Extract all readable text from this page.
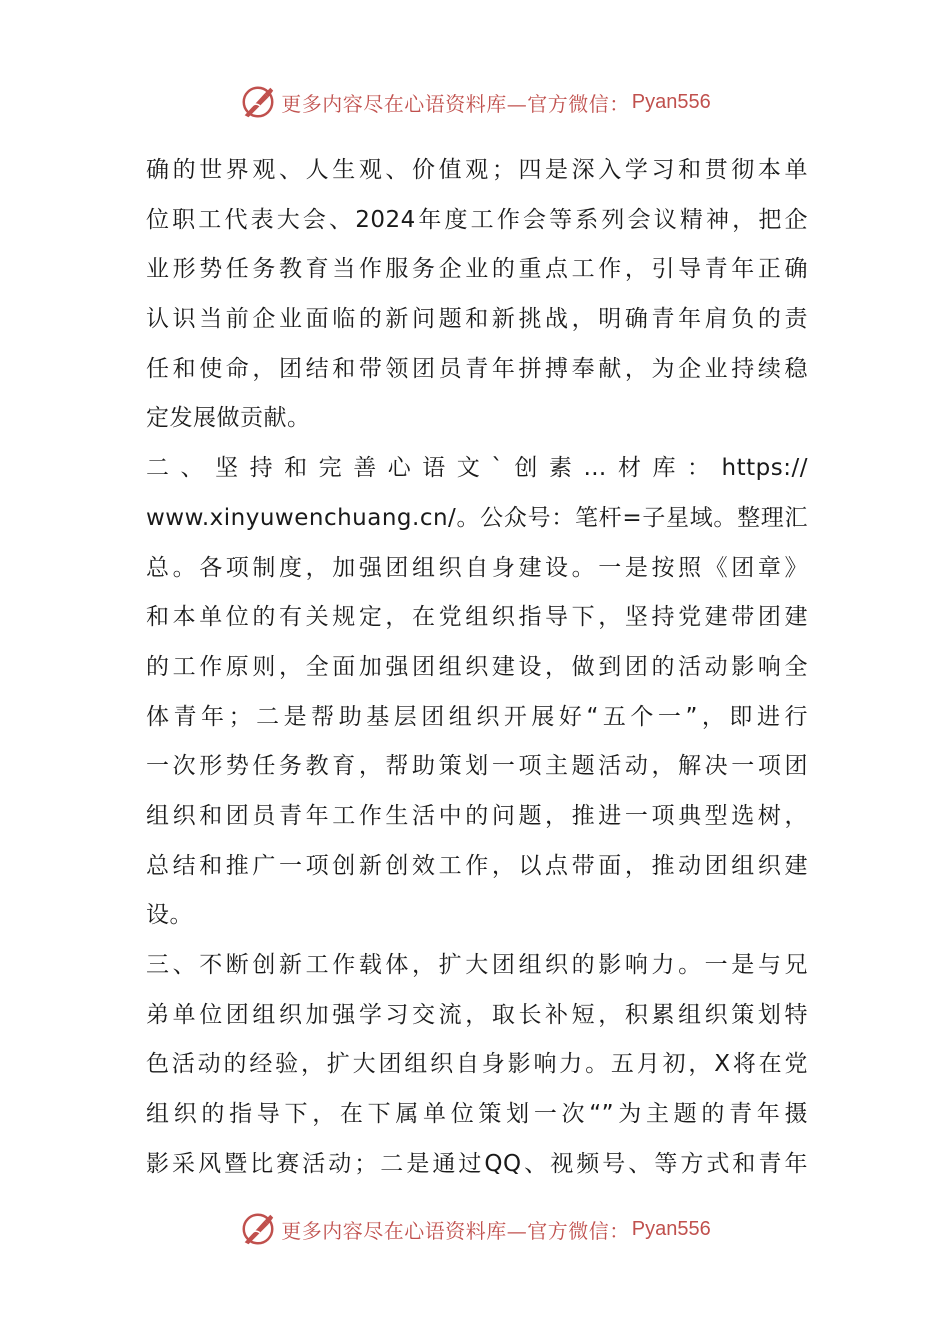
更多内容尽在心语资料库—官方微信： Pyan556
确的世界观、人生观、价值观；四是深入学习和贯彻本单
位职工代表大会、2024年度工作会等系列会议精神，把企
业形势任务教育当作服务企业的重点工作，引导青年正确
认识当前企业面临的新问题和新挑战，明确青年肩负的责
任和使命，团结和带领团员青年拼搏奉献，为企业持续稳
定发展做贡献。
二、坚持和完善心语文`创素…材库：https://
www.xinyuwenchuang.cn/。公众号：笔杆=子星域。整理汇
总。各项制度，加强团组织自身建设。一是按照《团章》
和本单位的有关规定，在党组织指导下，坚持党建带团建
的工作原则，全面加强团组织建设，做到团的活动影响全
体青年；二是帮助基层团组织开展好“五个一”，即进行
一次形势任务教育，帮助策划一项主题活动，解决一项团
组织和团员青年工作生活中的问题，推进一项典型选树，
总结和推广一项创新创效工作，以点带面，推动团组织建
设。
三、不断创新工作载体，扩大团组织的影响力。一是与兄
弟单位团组织加强学习交流，取长补短，积累组织策划特
色活动的经验，扩大团组织自身影响力。五月初，X将在党
组织的指导下，在下属单位策划一次“”为主题的青年摄
影采风暨比赛活动；二是通过QQ、视频号、等方式和青年
更多内容尽在心语资料库—官方微信： Pyan556
